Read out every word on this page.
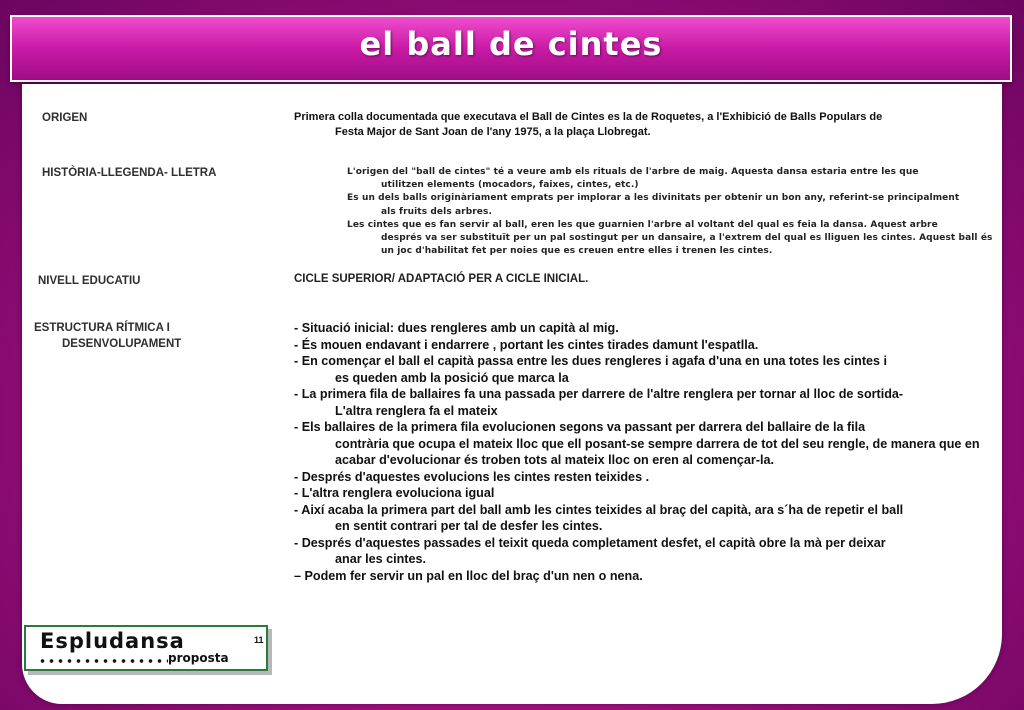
el ball de cintes
ORIGEN	Primera colla documentada que executava el Ball de Cintes es la de Roquetes, a l'Exhibició de Balls Populars de
Festa Major de Sant Joan de l'any 1975, a la plaça Llobregat.
HISTÒRIA-LLEGENDA- LLETRA	L'origen del "ball de cintes" té a veure amb els rituals de l'arbre de maig. Aquesta dansa estaria entre les que
utilitzen elements (mocadors, faixes, cintes, etc.)

Es un dels balls originàriament emprats per implorar a les divinitats per obtenir un bon any, referint-se principalment
als fruits dels arbres.

Les cintes que es fan servir al ball, eren les que guarnien l'arbre al voltant del qual es feia la dansa. Aquest arbre
després va ser substituït per un pal sostingut per un dansaire, a l'extrem del qual es lliguen les cintes. Aquest ball és un joc d'habilitat fet per noies que es creuen entre elles i trenen les cintes.

NIVELL EDUCATIU	CICLE SUPERIOR/ ADAPTACIÓ PER A CICLE INICIAL.
ESTRUCTURA RÍTMICA I
DESENVOLUPAMENT
- Situació inicial: dues rengleres amb un capità al mig.
- És mouen endavant i endarrere , portant les cintes tirades damunt l'espatlla.
- En començar el ball el capità passa entre les dues rengleres i agafa d'una en una totes les cintes i
es queden amb la posició que marca la
- La primera fila de ballaires fa una passada per darrere de l'altre renglera per tornar al lloc de sortida-
L'altra renglera fa el mateix
- Els ballaires de la primera fila evolucionen segons va passant per darrera del ballaire de la fila
contrària que ocupa el mateix lloc que ell posant-se sempre darrera de tot del seu rengle, de manera que en acabar d'evolucionar és troben tots al mateix lloc on eren al començar-la.
- Després d'aquestes evolucions les cintes resten teixides .
- L'altra renglera evoluciona igual
- Així acaba la primera part del ball amb les cintes teixides al braç del capità, ara s´ha de repetir el ball
en sentit contrari per tal de desfer les cintes.
- Després d'aquestes passades el teixit queda completament desfet, el capità obre la mà per deixar
anar les cintes.
– Podem fer servir un pal en lloc del braç d'un nen o nena.
Espludansa	11
proposta
